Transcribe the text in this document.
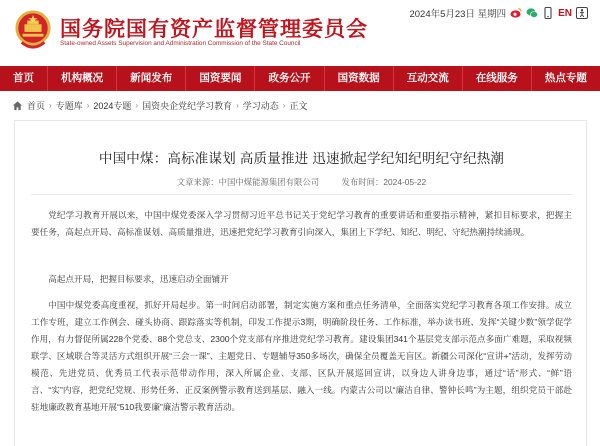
国务院国有资产监督管理委员会
State-owned Assets Supervision and Administration Commission of the State Council
2024年5月23日 星期四	EN
首页	机构概况	新闻发布	国资要闻	政务公开	国资数据	互动交流	在线服务	热点专题
首页 › 专题库 › 2024专题 › 国资央企党纪学习教育 › 学习动态 › 正文
中国中煤：高标准谋划 高质量推进 迅速掀起学纪知纪明纪守纪热潮
文章来源：中国中煤能源集团有限公司	发布时间：2024-05-22

党纪学习教育开展以来，中国中煤党委深入学习贯彻习近平总书记关于党纪学习教育的重要讲话和重要指示精神，紧扣目标要求，把握主要任务，高起点开局、高标准谋划、高质量推进，迅速把党纪学习教育引向深入，集团上下学纪、知纪、明纪、守纪热潮持续涌现。

高起点开局，把握目标要求，迅速启动全面铺开

中国中煤党委高度重视，抓好开局起步。第一时间启动部署，制定实施方案和重点任务清单，全面落实党纪学习教育各项工作安排。成立工作专班，建立工作例会、碰头协商、跟踪落实等机制，印发工作提示3期，明确阶段任务、工作标准，举办读书班、发挥“关键少数”领学促学作用，有力督促所属228个党委、88个党总支、2300个党支部有序推进党纪学习教育。建设集团341个基层党支部示范点多面广难题，采取视频联学、区域联合等灵活方式组织开展“三会一课”、主题党日、专题辅导350多场次，确保全员覆盖无盲区。新疆公司深化“宣讲+”活动，发挥劳动模范、先进党员、优秀员工代表示范带动作用，深入所属企业、支部、区队开展巡回宣讲，以身边人讲身边事，通过“话”形式、“鲜”语言、“实”内容，把党纪党规、形势任务、正反案例警示教育送到基层、融入一线。内蒙古公司以“廉洁自律、警钟长鸣”为主题，组织党员干部赴驻地廉政教育基地开展“510我要廉”廉洁警示教育活动。
